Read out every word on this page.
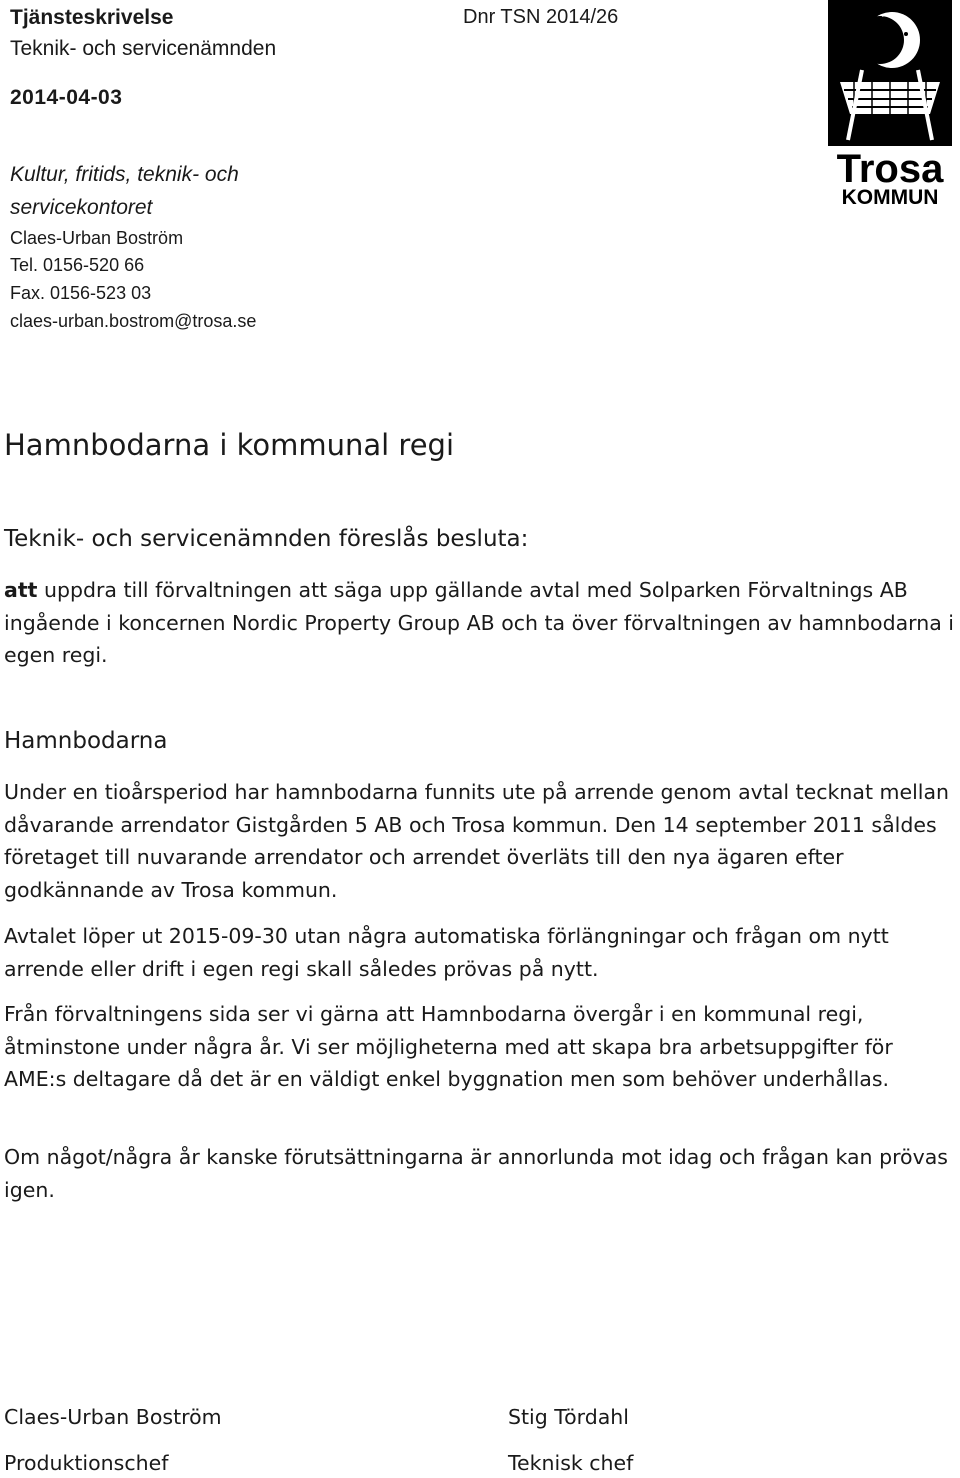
Tjänsteskrivelse
Teknik- och servicenämnden
2014-04-03
Kultur, fritids, teknik- och
servicekontoret
Claes-Urban Boström
Tel. 0156-520 66
Fax. 0156-523 03
claes-urban.bostrom@trosa.se
Dnr TSN 2014/26
Trosa
KOMMUN
Hamnbodarna i kommunal regi
Teknik- och servicenämnden föreslås besluta:
att uppdra till förvaltningen att säga upp gällande avtal med Solparken Förvaltnings AB ingående i koncernen Nordic Property Group AB och ta över förvaltningen av hamnbodarna i egen regi.
Hamnbodarna
Under en tioårsperiod har hamnbodarna funnits ute på arrende genom avtal tecknat mellan dåvarande arrendator Gistgården 5 AB och Trosa kommun. Den 14 september 2011 såldes företaget till nuvarande arrendator och arrendet överläts till den nya ägaren efter godkännande av Trosa kommun.
Avtalet löper ut 2015-09-30 utan några automatiska förlängningar och frågan om nytt arrende eller drift i egen regi skall således prövas på nytt.
Från förvaltningens sida ser vi gärna att Hamnbodarna övergår i en kommunal regi, åtminstone under några år. Vi ser möjligheterna med att skapa bra arbetsuppgifter för AME:s deltagare då det är en väldigt enkel byggnation men som behöver underhållas.
Om något/några år kanske förutsättningarna är annorlunda mot idag och frågan kan prövas igen.
Claes-Urban Boström
Produktionschef
Stig Tördahl
Teknisk chef
